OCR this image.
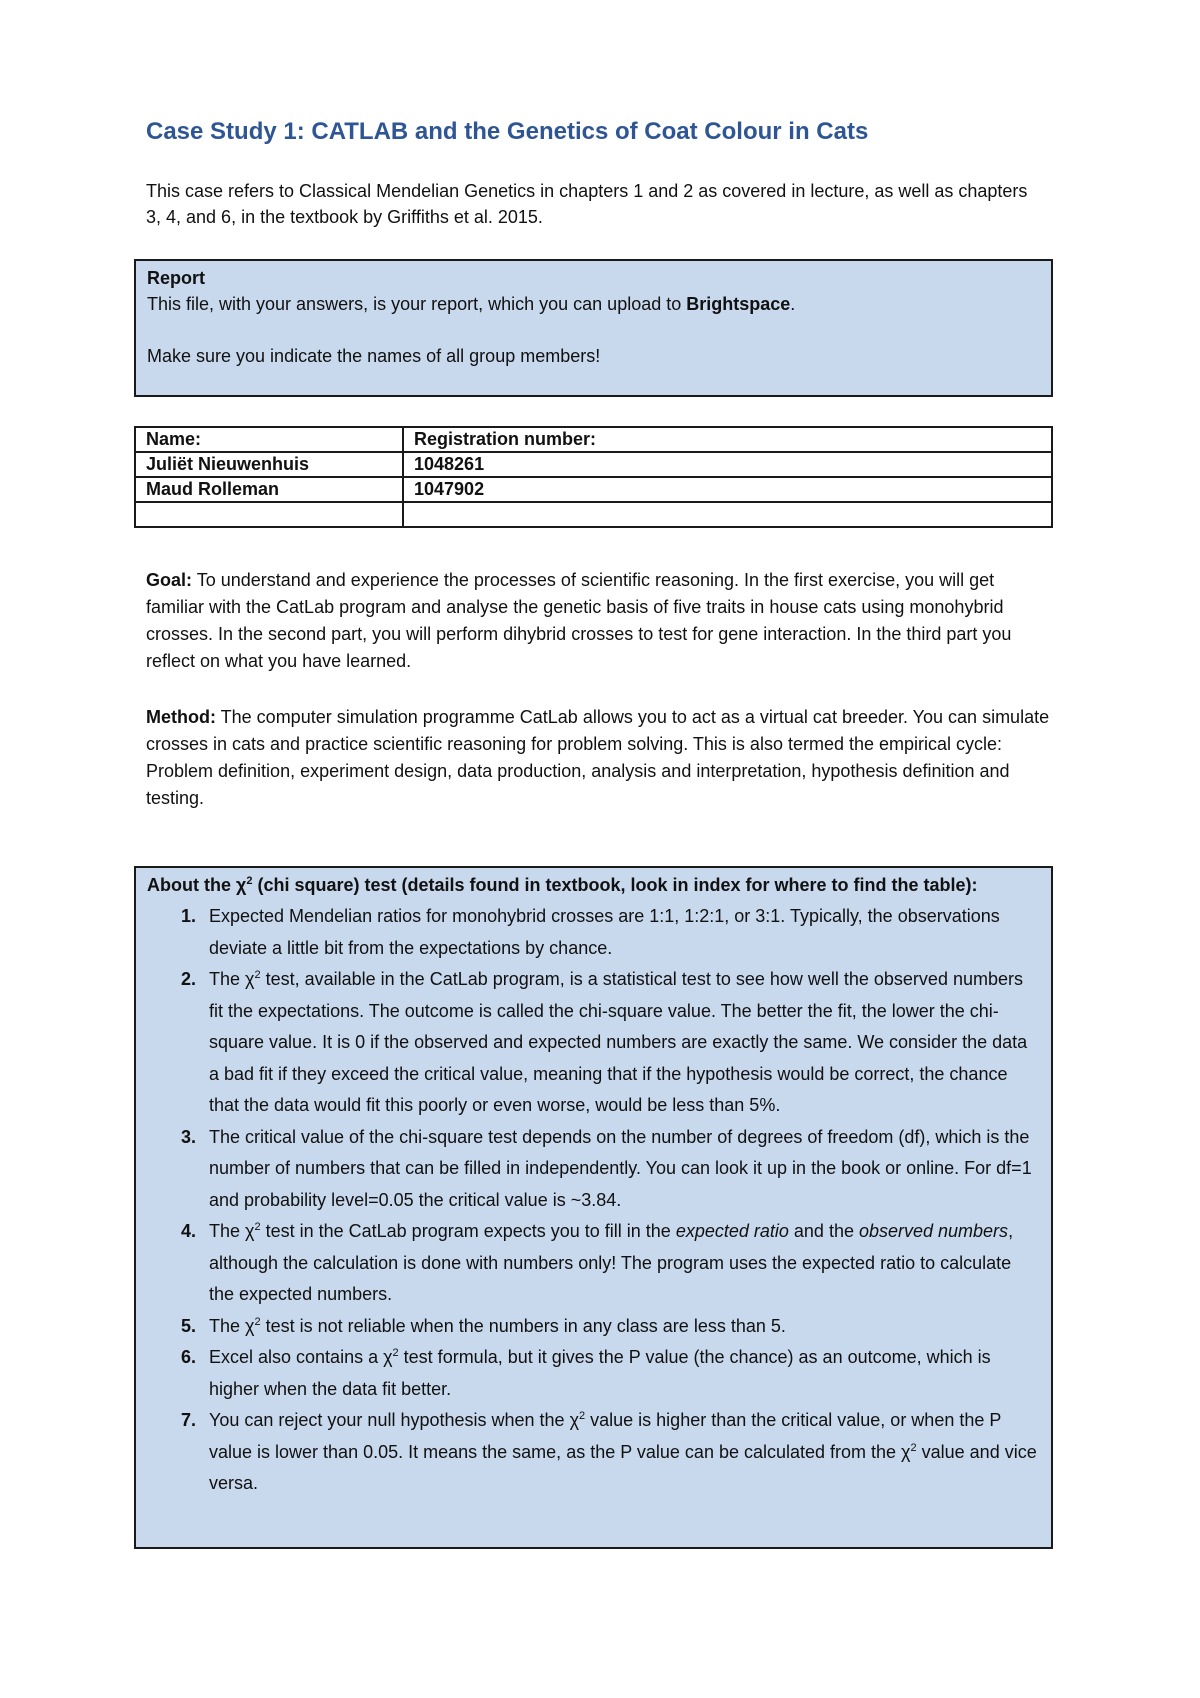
Case Study 1: CATLAB and the Genetics of Coat Colour in Cats

This case refers to Classical Mendelian Genetics in chapters 1 and 2 as covered in lecture, as well as chapters 3, 4, and 6, in the textbook by Griffiths et al. 2015.

Report

This file, with your answers, is your report, which you can upload to Brightspace.

Make sure you indicate the names of all group members!

Name:	Registration number:
Juliët Nieuwenhuis	1048261
Maud Rolleman	1047902

Goal: To understand and experience the processes of scientific reasoning. In the first exercise, you will get familiar with the CatLab program and analyse the genetic basis of five traits in house cats using monohybrid crosses. In the second part, you will perform dihybrid crosses to test for gene interaction. In the third part you reflect on what you have learned.

Method: The computer simulation programme CatLab allows you to act as a virtual cat breeder. You can simulate crosses in cats and practice scientific reasoning for problem solving. This is also termed the empirical cycle: Problem definition, experiment design, data production, analysis and interpretation, hypothesis definition and testing.

About the $\chi^2$ (chi square) test (details found in textbook, look in index for where to find the table):

1. Expected Mendelian ratios for monohybrid crosses are 1:1, 1:2:1, or 3:1. Typically, the observations deviate a little bit from the expectations by chance.
2. The $\chi^2$ test, available in the CatLab program, is a statistical test to see how well the observed numbers fit the expectations. The outcome is called the chi-square value. The better the fit, the lower the chi-square value. It is 0 if the observed and expected numbers are exactly the same. We consider the data a bad fit if they exceed the critical value, meaning that if the hypothesis would be correct, the chance that the data would fit this poorly or even worse, would be less than 5%.
3. The critical value of the chi-square test depends on the number of degrees of freedom (df), which is the number of numbers that can be filled in independently. You can look it up in the book or online. For df=1 and probability level=0.05 the critical value is ~3.84.
4. The $\chi^2$ test in the CatLab program expects you to fill in the expected ratio and the observed numbers, although the calculation is done with numbers only! The program uses the expected ratio to calculate the expected numbers.
5. The $\chi^2$ test is not reliable when the numbers in any class are less than 5.
6. Excel also contains a $\chi^2$ test formula, but it gives the P value (the chance) as an outcome, which is higher when the data fit better.
7. You can reject your null hypothesis when the $\chi^2$ value is higher than the critical value, or when the P value is lower than 0.05. It means the same, as the P value can be calculated from the $\chi^2$ value and vice versa.
